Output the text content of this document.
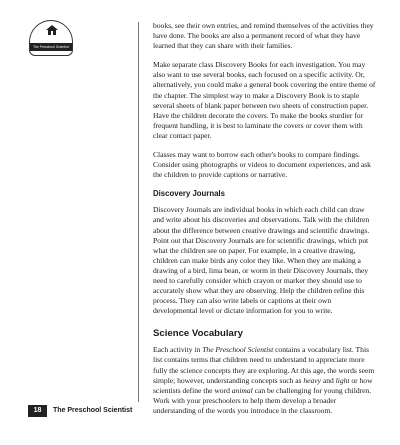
The Preschool Scientist

books, see their own entries, and remind themselves of the activities they have done. The books are also a permanent record of what they have learned that they can share with their families.

Make separate class Discovery Books for each investigation. You may also want to use several books, each focused on a specific activity. Or, alternatively, you could make a general book covering the entire theme of the chapter. The simplest way to make a Discovery Book is to staple several sheets of blank paper between two sheets of construction paper. Have the children decorate the covers. To make the books sturdier for frequent handling, it is best to laminate the covers or cover them with clear contact paper.

Classes may want to borrow each other's books to compare findings. Consider using photographs or videos to document experiences, and ask the children to provide captions or narrative.

Discovery Journals

Discovery Journals are individual books in which each child can draw and write about his discoveries and observations. Talk with the children about the difference between creative drawings and scientific drawings. Point out that Discovery Journals are for scientific drawings, which put what the children see on paper. For example, in a creative drawing, children can make birds any color they like. When they are making a drawing of a bird, lima bean, or worm in their Discovery Journals, they need to carefully consider which crayon or marker they should use to accurately show what they are observing. Help the children refine this process. They can also write labels or captions at their own developmental level or dictate information for you to write.

Science Vocabulary

Each activity in The Preschool Scientist contains a vocabulary list. This list contains terms that children need to understand to appreciate more fully the science concepts they are exploring. At this age, the words seem simple; however, understanding concepts such as heavy and light or how scientists define the word animal can be challenging for young children. Work with your preschoolers to help them develop a broader understanding of the words you introduce in the classroom.

18	The Preschool Scientist
